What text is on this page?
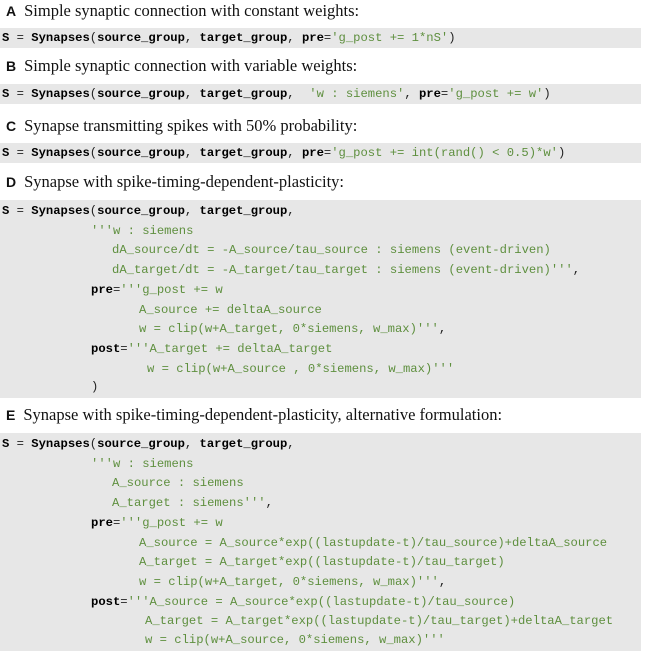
A Simple synaptic connection with constant weights:
S = Synapses(source_group, target_group, pre='g_post += 1*nS')
B Simple synaptic connection with variable weights:
S = Synapses(source_group, target_group,  'w : siemens', pre='g_post += w')
C Synapse transmitting spikes with 50% probability:
S = Synapses(source_group, target_group, pre='g_post += int(rand() < 0.5)*w')
D Synapse with spike-timing-dependent-plasticity:
S = Synapses(source_group, target_group,
'''w : siemens
dA_source/dt = -A_source/tau_source : siemens (event-driven)
dA_target/dt = -A_target/tau_target : siemens (event-driven)''',
pre='''g_post += w
A_source += deltaA_source
w = clip(w+A_target, 0*siemens, w_max)''',
post='''A_target += deltaA_target
w = clip(w+A_source , 0*siemens, w_max)'''
)
E Synapse with spike-timing-dependent-plasticity, alternative formulation:
S = Synapses(source_group, target_group,
'''w : siemens
A_source : siemens
A_target : siemens''',
pre='''g_post += w
A_source = A_source*exp((lastupdate-t)/tau_source)+deltaA_source
A_target = A_target*exp((lastupdate-t)/tau_target)
w = clip(w+A_target, 0*siemens, w_max)''',
post='''A_source = A_source*exp((lastupdate-t)/tau_source)
A_target = A_target*exp((lastupdate-t)/tau_target)+deltaA_target
w = clip(w+A_source, 0*siemens, w_max)'''
